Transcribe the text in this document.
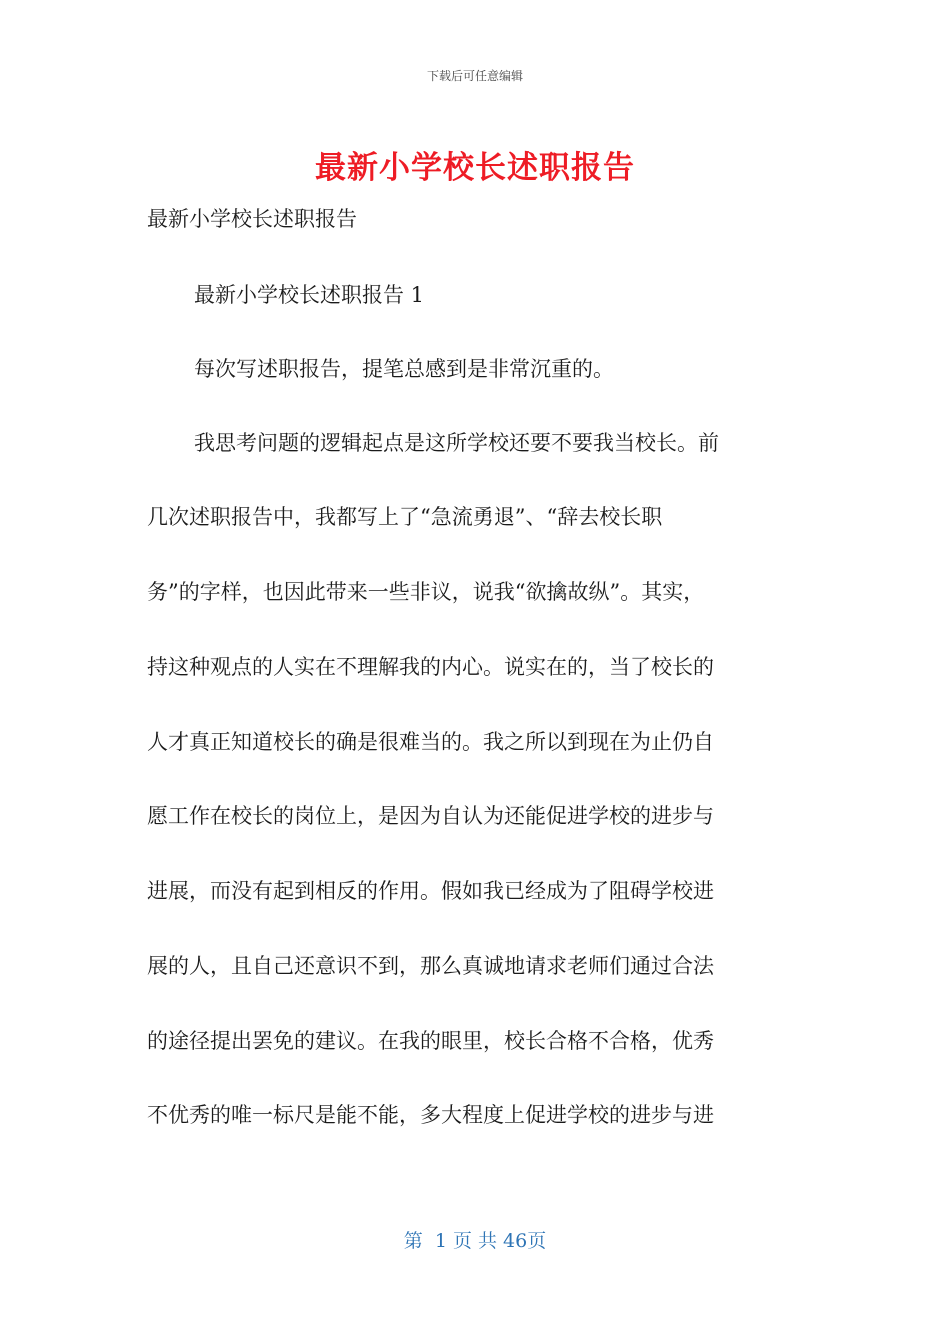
下载后可任意编辑
最新小学校长述职报告
最新小学校长述职报告
最新小学校长述职报告 1
每次写述职报告，提笔总感到是非常沉重的。
我思考问题的逻辑起点是这所学校还要不要我当校长。前
几次述职报告中，我都写上了“急流勇退”、“辞去校长职
务”的字样，也因此带来一些非议，说我“欲擒故纵”。其实，
持这种观点的人实在不理解我的内心。说实在的，当了校长的
人才真正知道校长的确是很难当的。我之所以到现在为止仍自
愿工作在校长的岗位上，是因为自认为还能促进学校的进步与
进展，而没有起到相反的作用。假如我已经成为了阻碍学校进
展的人，且自己还意识不到，那么真诚地请求老师们通过合法
的途径提出罢免的建议。在我的眼里，校长合格不合格，优秀
不优秀的唯一标尺是能不能，多大程度上促进学校的进步与进
第  1 页 共 46页
